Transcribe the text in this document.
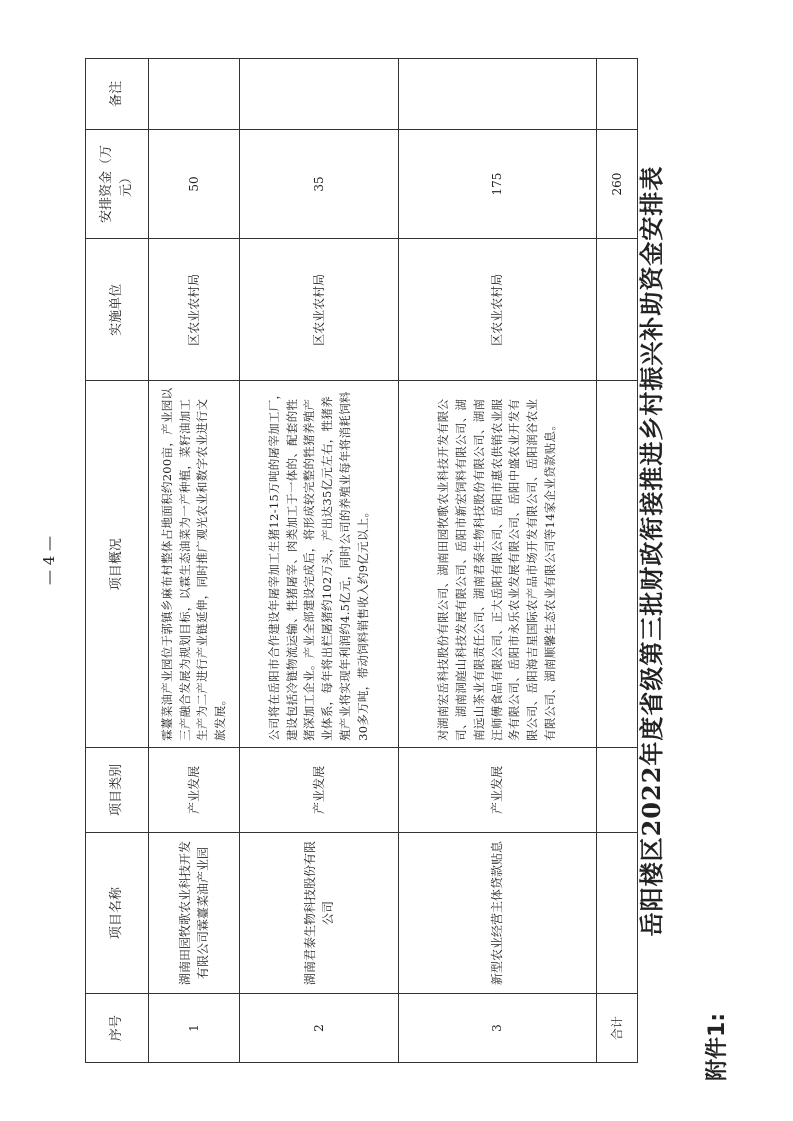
附件1:
岳阳楼区2022年度省级第三批财政衔接推进乡村振兴补助资金安排表
序号	项目名称	项目类别	项目概况	实施单位	安排资金（万元）	备注
1	湖南田园牧歌农业科技开发有限公司霖薹菜油产业园	产业发展	霖薹菜油产业园位于郭镇乡麻布村整体占地面积约200亩，产业园以三产融合发展为规划目标，以霖生态油菜为一产种植，菜籽油加工生产为二产进行产业链延伸，同时推广观光农业和数字农业进行文旅发展。	区农业农村局	50	
2	湖南君泰生物科技股份有限公司	产业发展	公司将在岳阳市合作建设年屠宰加工生猪12-15万吨的屠宰加工厂，建设包括冷链物流运输、牲猪屠宰、肉类加工于一体的、配套的牲猪深加工企业。产业全部建设完成后，将形成较完整的牲猪养殖产业体系，每年将出栏屠猪约102万头，产出达35亿元左右，牲猪养殖产业将实现年利润约4.5亿元，同时公司的养殖业每年将消耗饲料30多万吨，带动饲料销售收入约9亿元以上。	区农业农村局	35	
3	新型农业经营主体贷款贴息	产业发展	对湖南宏岳科技股份有限公司、湖南田园牧歌农业科技开发有限公司、湖南洞庭山科技发展有限公司、岳阳市新宏饲料有限公司、湖南远山茶业有限责任公司、湖南君泰生物科技股份有限公司、湖南汪师傅食品有限公司、正大岳阳有限公司、岳阳市惠农供销农业服务有限公司、岳阳市永乐农业发展有限公司、岳阳中盛农业开发有限公司、岳阳海吉星国际农产品市场开发有限公司、岳阳润谷农业有限公司、湖南顺馨生态农业有限公司等14家企业贷款贴息。	区农业农村局	175	
合计					260	
— 4 —
